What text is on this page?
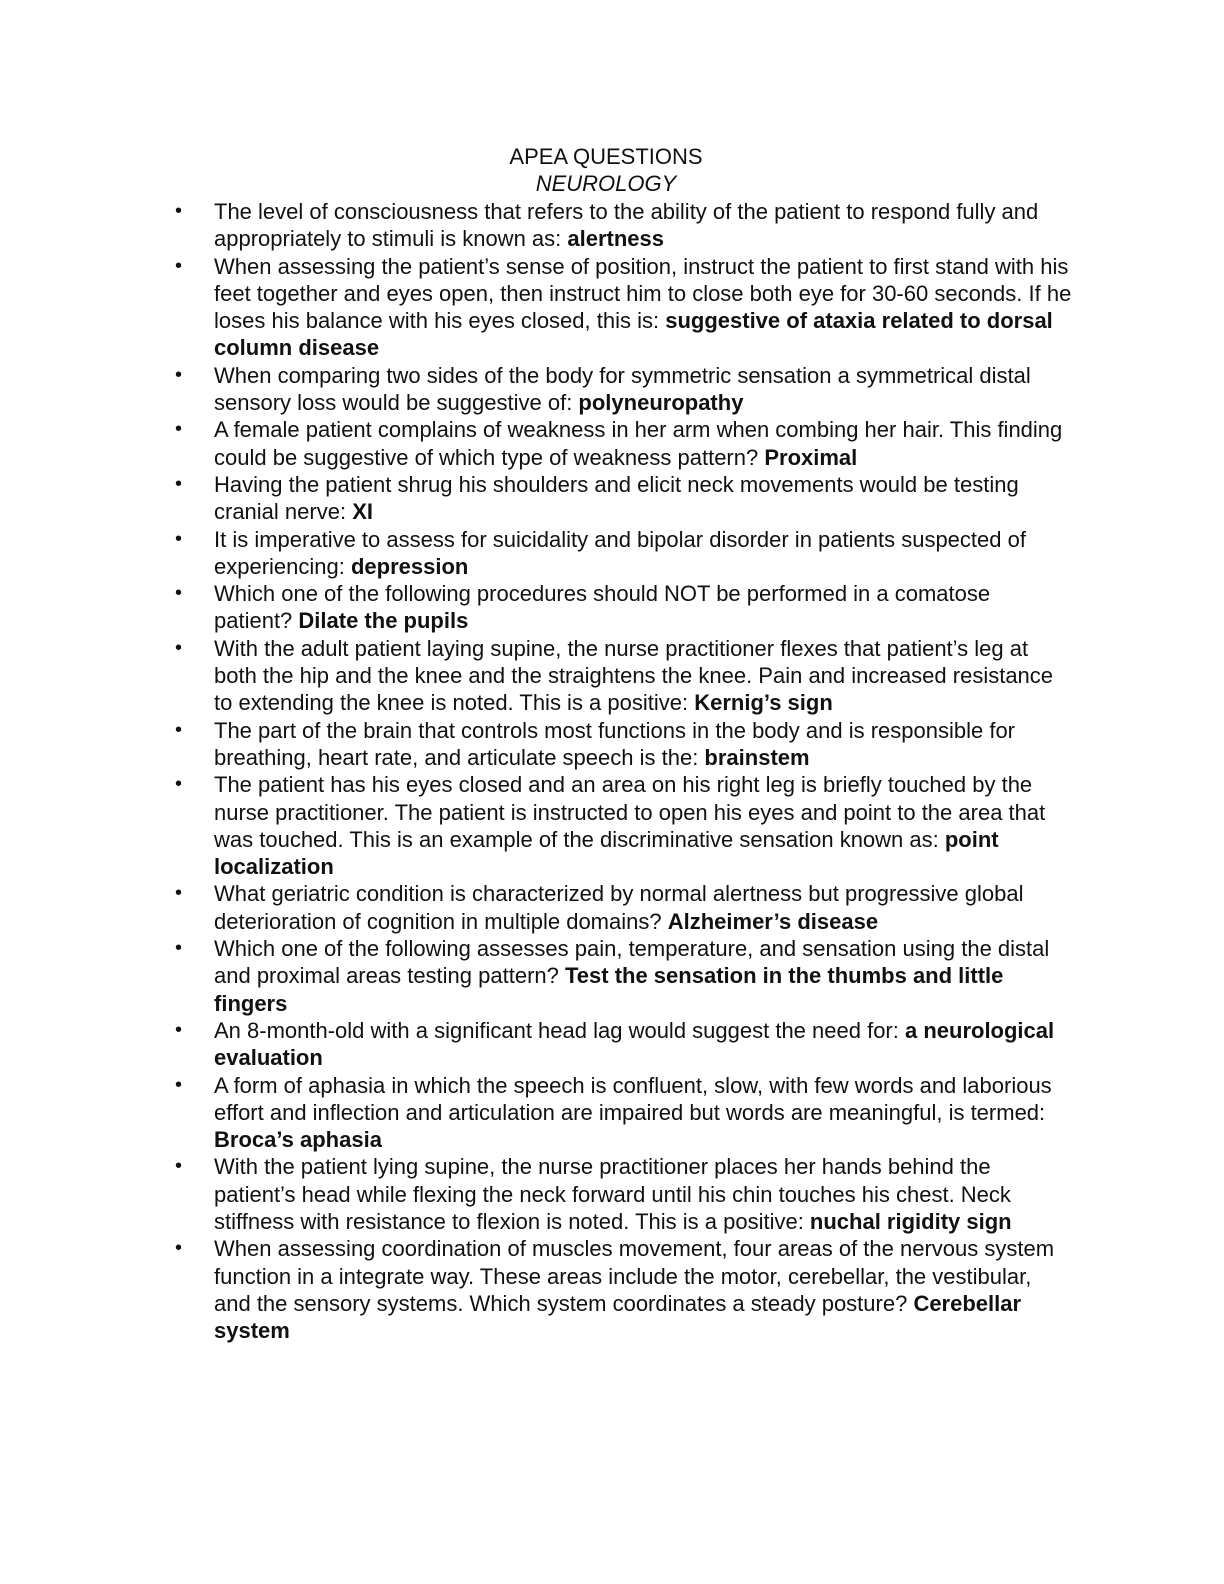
APEA QUESTIONS
NEUROLOGY
• The level of consciousness that refers to the ability of the patient to respond fully and appropriately to stimuli is known as: alertness
• When assessing the patient’s sense of position, instruct the patient to first stand with his feet together and eyes open, then instruct him to close both eye for 30-60 seconds. If he loses his balance with his eyes closed, this is: suggestive of ataxia related to dorsal column disease
• When comparing two sides of the body for symmetric sensation a symmetrical distal sensory loss would be suggestive of: polyneuropathy
• A female patient complains of weakness in her arm when combing her hair. This finding could be suggestive of which type of weakness pattern? Proximal
• Having the patient shrug his shoulders and elicit neck movements would be testing cranial nerve: XI
• It is imperative to assess for suicidality and bipolar disorder in patients suspected of experiencing: depression
• Which one of the following procedures should NOT be performed in a comatose patient? Dilate the pupils
• With the adult patient laying supine, the nurse practitioner flexes that patient’s leg at both the hip and the knee and the straightens the knee. Pain and increased resistance to extending the knee is noted. This is a positive: Kernig’s sign
• The part of the brain that controls most functions in the body and is responsible for breathing, heart rate, and articulate speech is the: brainstem
• The patient has his eyes closed and an area on his right leg is briefly touched by the nurse practitioner. The patient is instructed to open his eyes and point to the area that was touched. This is an example of the discriminative sensation known as: point localization
• What geriatric condition is characterized by normal alertness but progressive global deterioration of cognition in multiple domains? Alzheimer’s disease
• Which one of the following assesses pain, temperature, and sensation using the distal and proximal areas testing pattern? Test the sensation in the thumbs and little fingers
• An 8-month-old with a significant head lag would suggest the need for: a neurological evaluation
• A form of aphasia in which the speech is confluent, slow, with few words and laborious effort and inflection and articulation are impaired but words are meaningful, is termed: Broca’s aphasia
• With the patient lying supine, the nurse practitioner places her hands behind the patient’s head while flexing the neck forward until his chin touches his chest. Neck stiffness with resistance to flexion is noted. This is a positive: nuchal rigidity sign
• When assessing coordination of muscles movement, four areas of the nervous system function in a integrate way. These areas include the motor, cerebellar, the vestibular, and the sensory systems. Which system coordinates a steady posture? Cerebellar system
